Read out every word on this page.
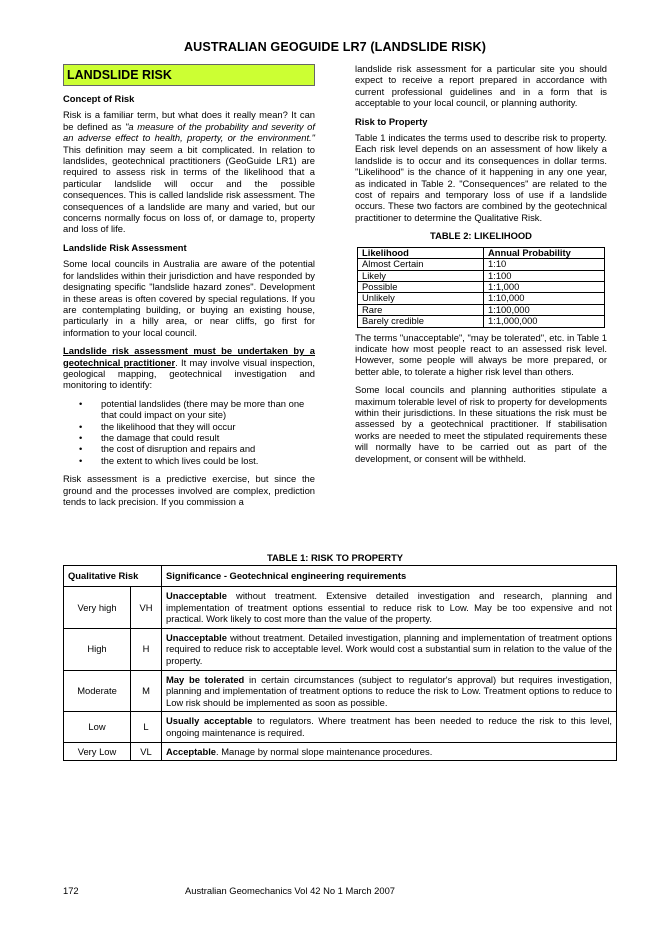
AUSTRALIAN GEOGUIDE LR7 (LANDSLIDE RISK)
LANDSLIDE RISK
Concept of Risk

Risk is a familiar term, but what does it really mean? It can be defined as "a measure of the probability and severity of an adverse effect to health, property, or the environment." This definition may seem a bit complicated. In relation to landslides, geotechnical practitioners (GeoGuide LR1) are required to assess risk in terms of the likelihood that a particular landslide will occur and the possible consequences. This is called landslide risk assessment. The consequences of a landslide are many and varied, but our concerns normally focus on loss of, or damage to, property and loss of life.

Landslide Risk Assessment

Some local councils in Australia are aware of the potential for landslides within their jurisdiction and have responded by designating specific "landslide hazard zones". Development in these areas is often covered by special regulations. If you are contemplating building, or buying an existing house, particularly in a hilly area, or near cliffs, go first for information to your local council.

Landslide risk assessment must be undertaken by a geotechnical practitioner. It may involve visual inspection, geological mapping, geotechnical investigation and monitoring to identify:

• potential landslides (there may be more than one that could impact on your site)
• the likelihood that they will occur
• the damage that could result
• the cost of disruption and repairs and
• the extent to which lives could be lost.

Risk assessment is a predictive exercise, but since the ground and the processes involved are complex, prediction tends to lack precision. If you commission a

landslide risk assessment for a particular site you should expect to receive a report prepared in accordance with current professional guidelines and in a form that is acceptable to your local council, or planning authority.

Risk to Property

Table 1 indicates the terms used to describe risk to property. Each risk level depends on an assessment of how likely a landslide is to occur and its consequences in dollar terms. "Likelihood" is the chance of it happening in any one year, as indicated in Table 2. "Consequences" are related to the cost of repairs and temporary loss of use if a landslide occurs. These two factors are combined by the geotechnical practitioner to determine the Qualitative Risk.

TABLE 2: LIKELIHOOD
Likelihood	Annual Probability
Almost Certain	1:10
Likely	1:100
Possible	1:1,000
Unlikely	1:10,000
Rare	1:100,000
Barely credible	1:1,000,000

The terms "unacceptable", "may be tolerated", etc. in Table 1 indicate how most people react to an assessed risk level. However, some people will always be more prepared, or better able, to tolerate a higher risk level than others.

Some local councils and planning authorities stipulate a maximum tolerable level of risk to property for developments within their jurisdictions. In these situations the risk must be assessed by a geotechnical practitioner. If stabilisation works are needed to meet the stipulated requirements these will normally have to be carried out as part of the development, or consent will be withheld.

TABLE 1: RISK TO PROPERTY
Qualitative Risk		Significance - Geotechnical engineering requirements
Very high	VH	Unacceptable without treatment. Extensive detailed investigation and research, planning and implementation of treatment options essential to reduce risk to Low. May be too expensive and not practical. Work likely to cost more than the value of the property.
High	H	Unacceptable without treatment. Detailed investigation, planning and implementation of treatment options required to reduce risk to acceptable level. Work would cost a substantial sum in relation to the value of the property.
Moderate	M	May be tolerated in certain circumstances (subject to regulator's approval) but requires investigation, planning and implementation of treatment options to reduce the risk to Low. Treatment options to reduce to Low risk should be implemented as soon as possible.
Low	L	Usually acceptable to regulators. Where treatment has been needed to reduce the risk to this level, ongoing maintenance is required.
Very Low	VL	Acceptable. Manage by normal slope maintenance procedures.
172	Australian Geomechanics Vol 42 No 1 March 2007
